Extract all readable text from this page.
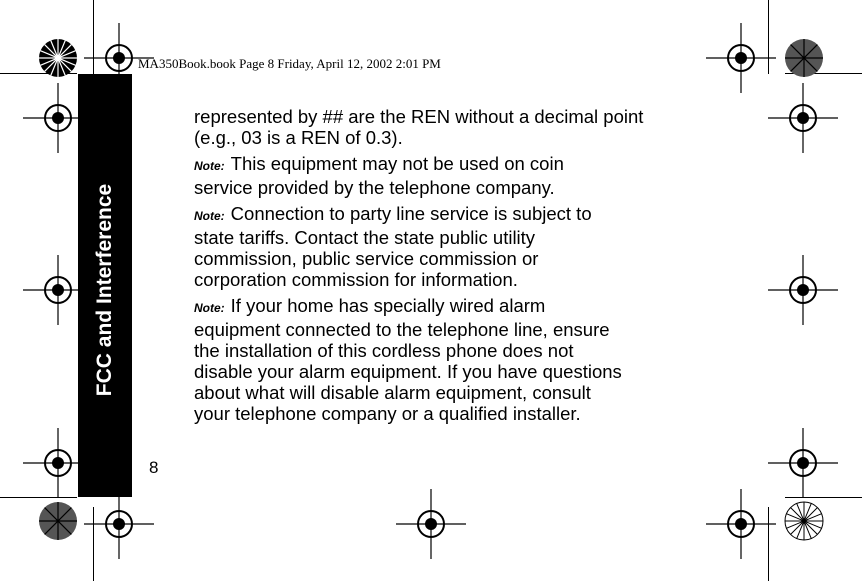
MA350Book.book Page 8 Friday, April 12, 2002 2:01 PM
FCC and Interference
8

represented by ## are the REN without a decimal point
(e.g., 03 is a REN of 0.3).

Note: This equipment may not be used on coin
service provided by the telephone company.

Note: Connection to party line service is subject to
state tariffs. Contact the state public utility
commission, public service commission or
corporation commission for information.

Note: If your home has specially wired alarm
equipment connected to the telephone line, ensure
the installation of this cordless phone does not
disable your alarm equipment. If you have questions
about what will disable alarm equipment, consult
your telephone company or a qualified installer.
